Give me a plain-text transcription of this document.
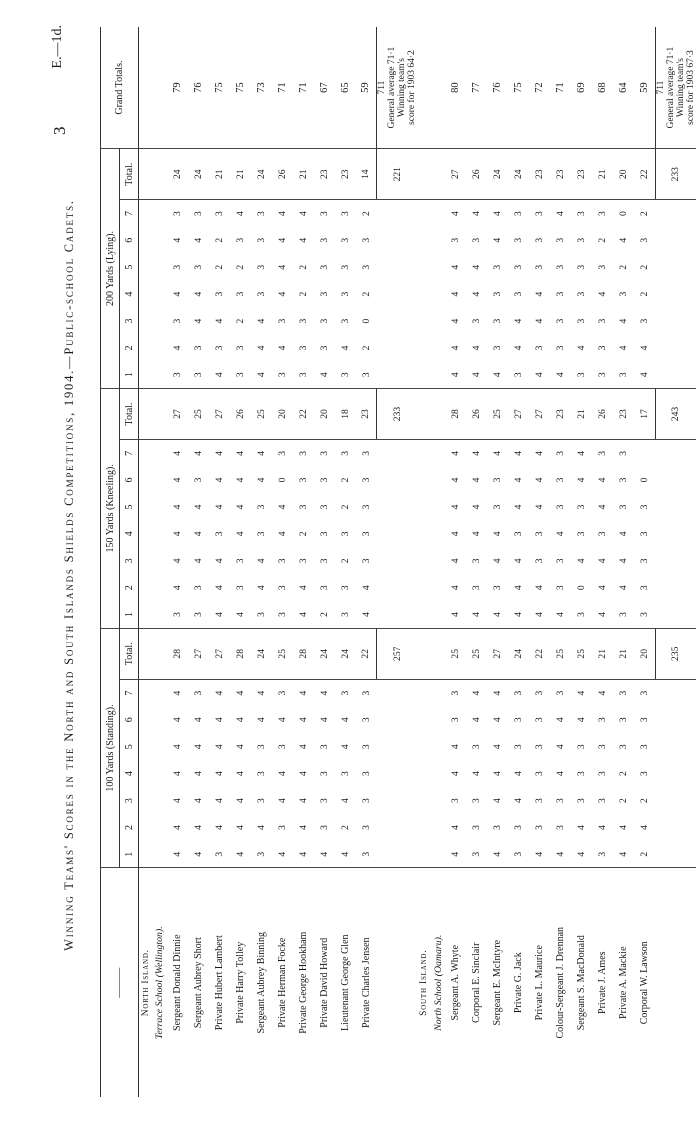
3
E.—1d.
Winning Teams' Scores in the North and South Islands Shields Competitions, 1904.—Public-school Cadets.
———	100 Yards (Standing).								150 Yards (Kneeling).								200 Yards (Lying).								Grand Totals.
	1	2	3	4	5	6	7	Total.	1	2	3	4	5	6	7	Total.	1	2	3	4	5	6	7	Total.	
North Island.																									
Terrace School (Wellington).																									
Sergeant Donald Dinnie	4	4	4	4	4	4	4	28	3	4	4	4	4	4	4	27	3	4	3	4	3	4	3	24	79
Sergeant Aubrey Short	4	4	4	4	4	4	3	27	3	3	4	4	4	3	4	25	3	3	4	4	3	4	3	24	76
Private Hubert Lambert	3	4	4	4	4	4	4	27	4	4	4	3	4	4	4	27	4	3	4	3	2	2	3	21	75
Private Harry Tolley	4	4	4	4	4	4	4	28	4	3	3	4	4	4	4	26	3	3	2	3	2	3	4	21	75
Sergeant Aubrey Binning	3	4	3	3	3	4	4	24	3	4	4	3	3	4	4	25	4	4	4	3	3	3	3	24	73
Private Herman Focke	4	3	4	4	3	4	3	25	3	3	3	4	4	0	3	20	3	4	3	4	4	4	4	26	71
Private George Hookham	4	4	4	4	4	4	4	28	4	4	3	2	3	3	3	22	3	3	3	2	2	4	4	21	71
Private David Howard	4	3	3	3	3	4	4	24	2	3	3	3	3	3	3	20	4	3	3	3	3	3	3	23	67
Lieutenant George Glen	4	2	4	3	4	4	3	24	3	3	2	3	2	2	3	18	3	4	3	3	3	3	3	23	65
Private Charles Jensen	3	3	3	3	3	3	3	22	4	4	3	3	3	3	3	23	3	2	0	2	3	3	2	14	59
								257								233								221	711 General average 71·1 Winning team's score for 1903 64·2

South Island.																									
North School (Oamaru).																									
Sergeant A. Whyte	4	4	3	4	4	3	3	25	4	4	4	4	4	4	4	28	4	4	4	4	4	3	4	27	80
Corporal E. Sinclair	3	3	3	4	3	4	4	25	4	3	3	4	4	4	4	26	4	4	3	4	4	3	4	26	77
Sergeant E. McIntyre	4	3	4	4	4	4	4	27	4	3	4	4	3	3	4	25	4	3	3	3	3	4	4	24	76
Private G. Jack	3	3	4	4	3	3	3	24	4	4	4	3	4	4	4	27	3	4	4	3	3	3	3	24	75
Private L. Maurice	4	3	3	3	3	3	3	22	4	4	3	3	4	4	4	27	4	3	4	4	3	3	3	23	72
Colour-Sergeant J. Drennan	4	3	3	4	4	4	3	25	4	3	3	4	3	3	3	23	4	3	3	3	3	3	4	23	71
Sergeant S. MacDonald	4	4	3	3	3	4	4	25	3	0	4	3	3	4	4	21	3	4	3	3	3	3	3	23	69
Private J. Ames	3	4	3	3	3	3	4	21	4	4	4	3	4	4	3	26	3	3	3	4	3	2	3	21	68
Private A. Mackie	4	4	2	2	3	3	3	21	3	4	4	4	3	3	3	23	3	4	4	3	2	4	0	20	64
Corporal W. Lawson	2	4	2	3	3	3	3	20	3	3	3	3	3	0		17	4	4	3	2	2	3	2	22	59
								235								243								233	711 General average 71·1 Winning team's score for 1903 67·3
